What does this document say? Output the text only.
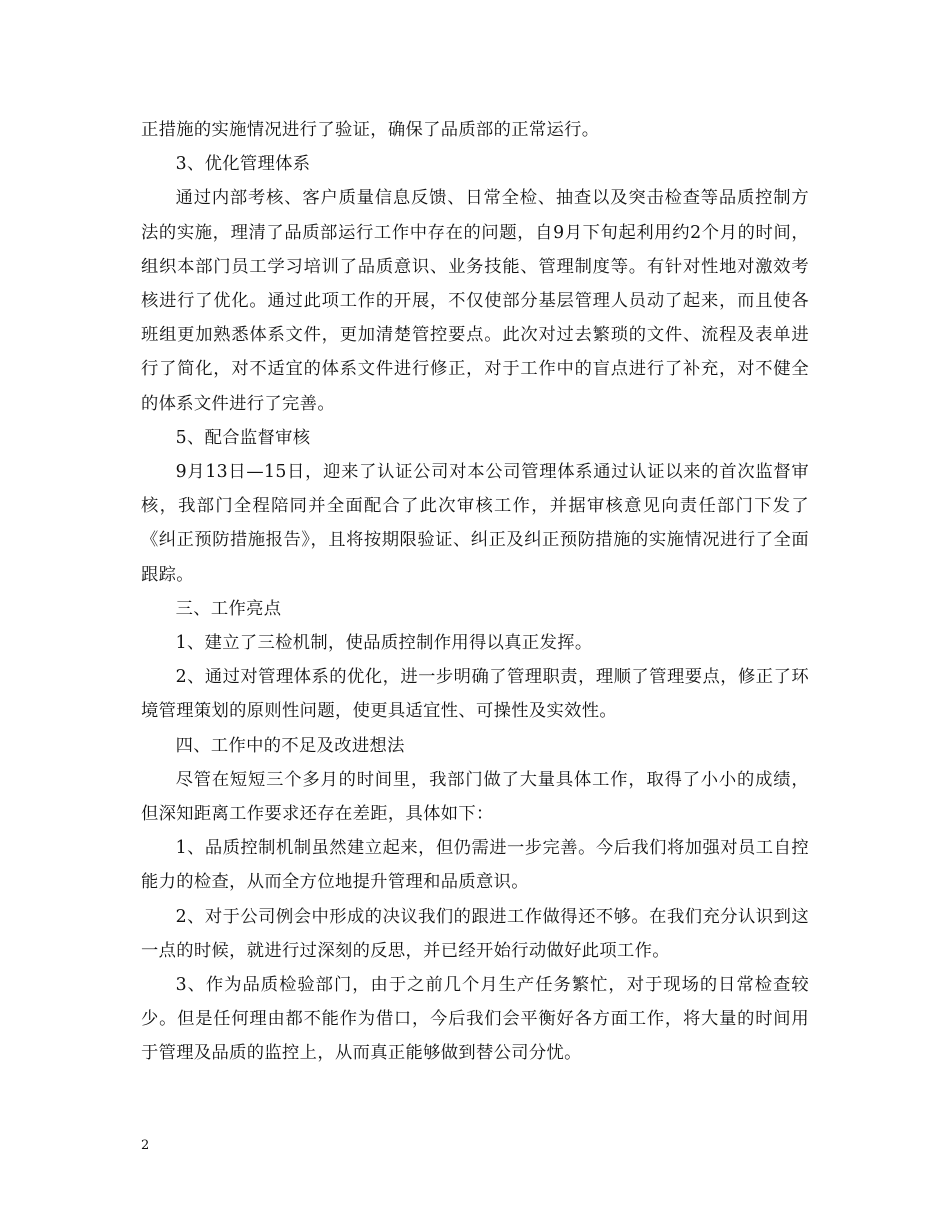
正措施的实施情况进行了验证，确保了品质部的正常运行。

3、优化管理体系

通过内部考核、客户质量信息反馈、日常全检、抽查以及突击检查等品质控制方法的实施，理清了品质部运行工作中存在的问题，自9月下旬起利用约2个月的时间，组织本部门员工学习培训了品质意识、业务技能、管理制度等。有针对性地对激效考核进行了优化。通过此项工作的开展，不仅使部分基层管理人员动了起来，而且使各班组更加熟悉体系文件，更加清楚管控要点。此次对过去繁琐的文件、流程及表单进行了简化，对不适宜的体系文件进行修正，对于工作中的盲点进行了补充，对不健全的体系文件进行了完善。

5、配合监督审核

9月13日—15日，迎来了认证公司对本公司管理体系通过认证以来的首次监督审核，我部门全程陪同并全面配合了此次审核工作，并据审核意见向责任部门下发了《纠正预防措施报告》，且将按期限验证、纠正及纠正预防措施的实施情况进行了全面跟踪。

三、工作亮点

1、建立了三检机制，使品质控制作用得以真正发挥。

2、通过对管理体系的优化，进一步明确了管理职责，理顺了管理要点，修正了环境管理策划的原则性问题，使更具适宜性、可操性及实效性。

四、工作中的不足及改进想法

尽管在短短三个多月的时间里，我部门做了大量具体工作，取得了小小的成绩，但深知距离工作要求还存在差距，具体如下：

1、品质控制机制虽然建立起来，但仍需进一步完善。今后我们将加强对员工自控能力的检查，从而全方位地提升管理和品质意识。

2、对于公司例会中形成的决议我们的跟进工作做得还不够。在我们充分认识到这一点的时候，就进行过深刻的反思，并已经开始行动做好此项工作。

3、作为品质检验部门，由于之前几个月生产任务繁忙，对于现场的日常检查较少。但是任何理由都不能作为借口，今后我们会平衡好各方面工作，将大量的时间用于管理及品质的监控上，从而真正能够做到替公司分忧。

2
